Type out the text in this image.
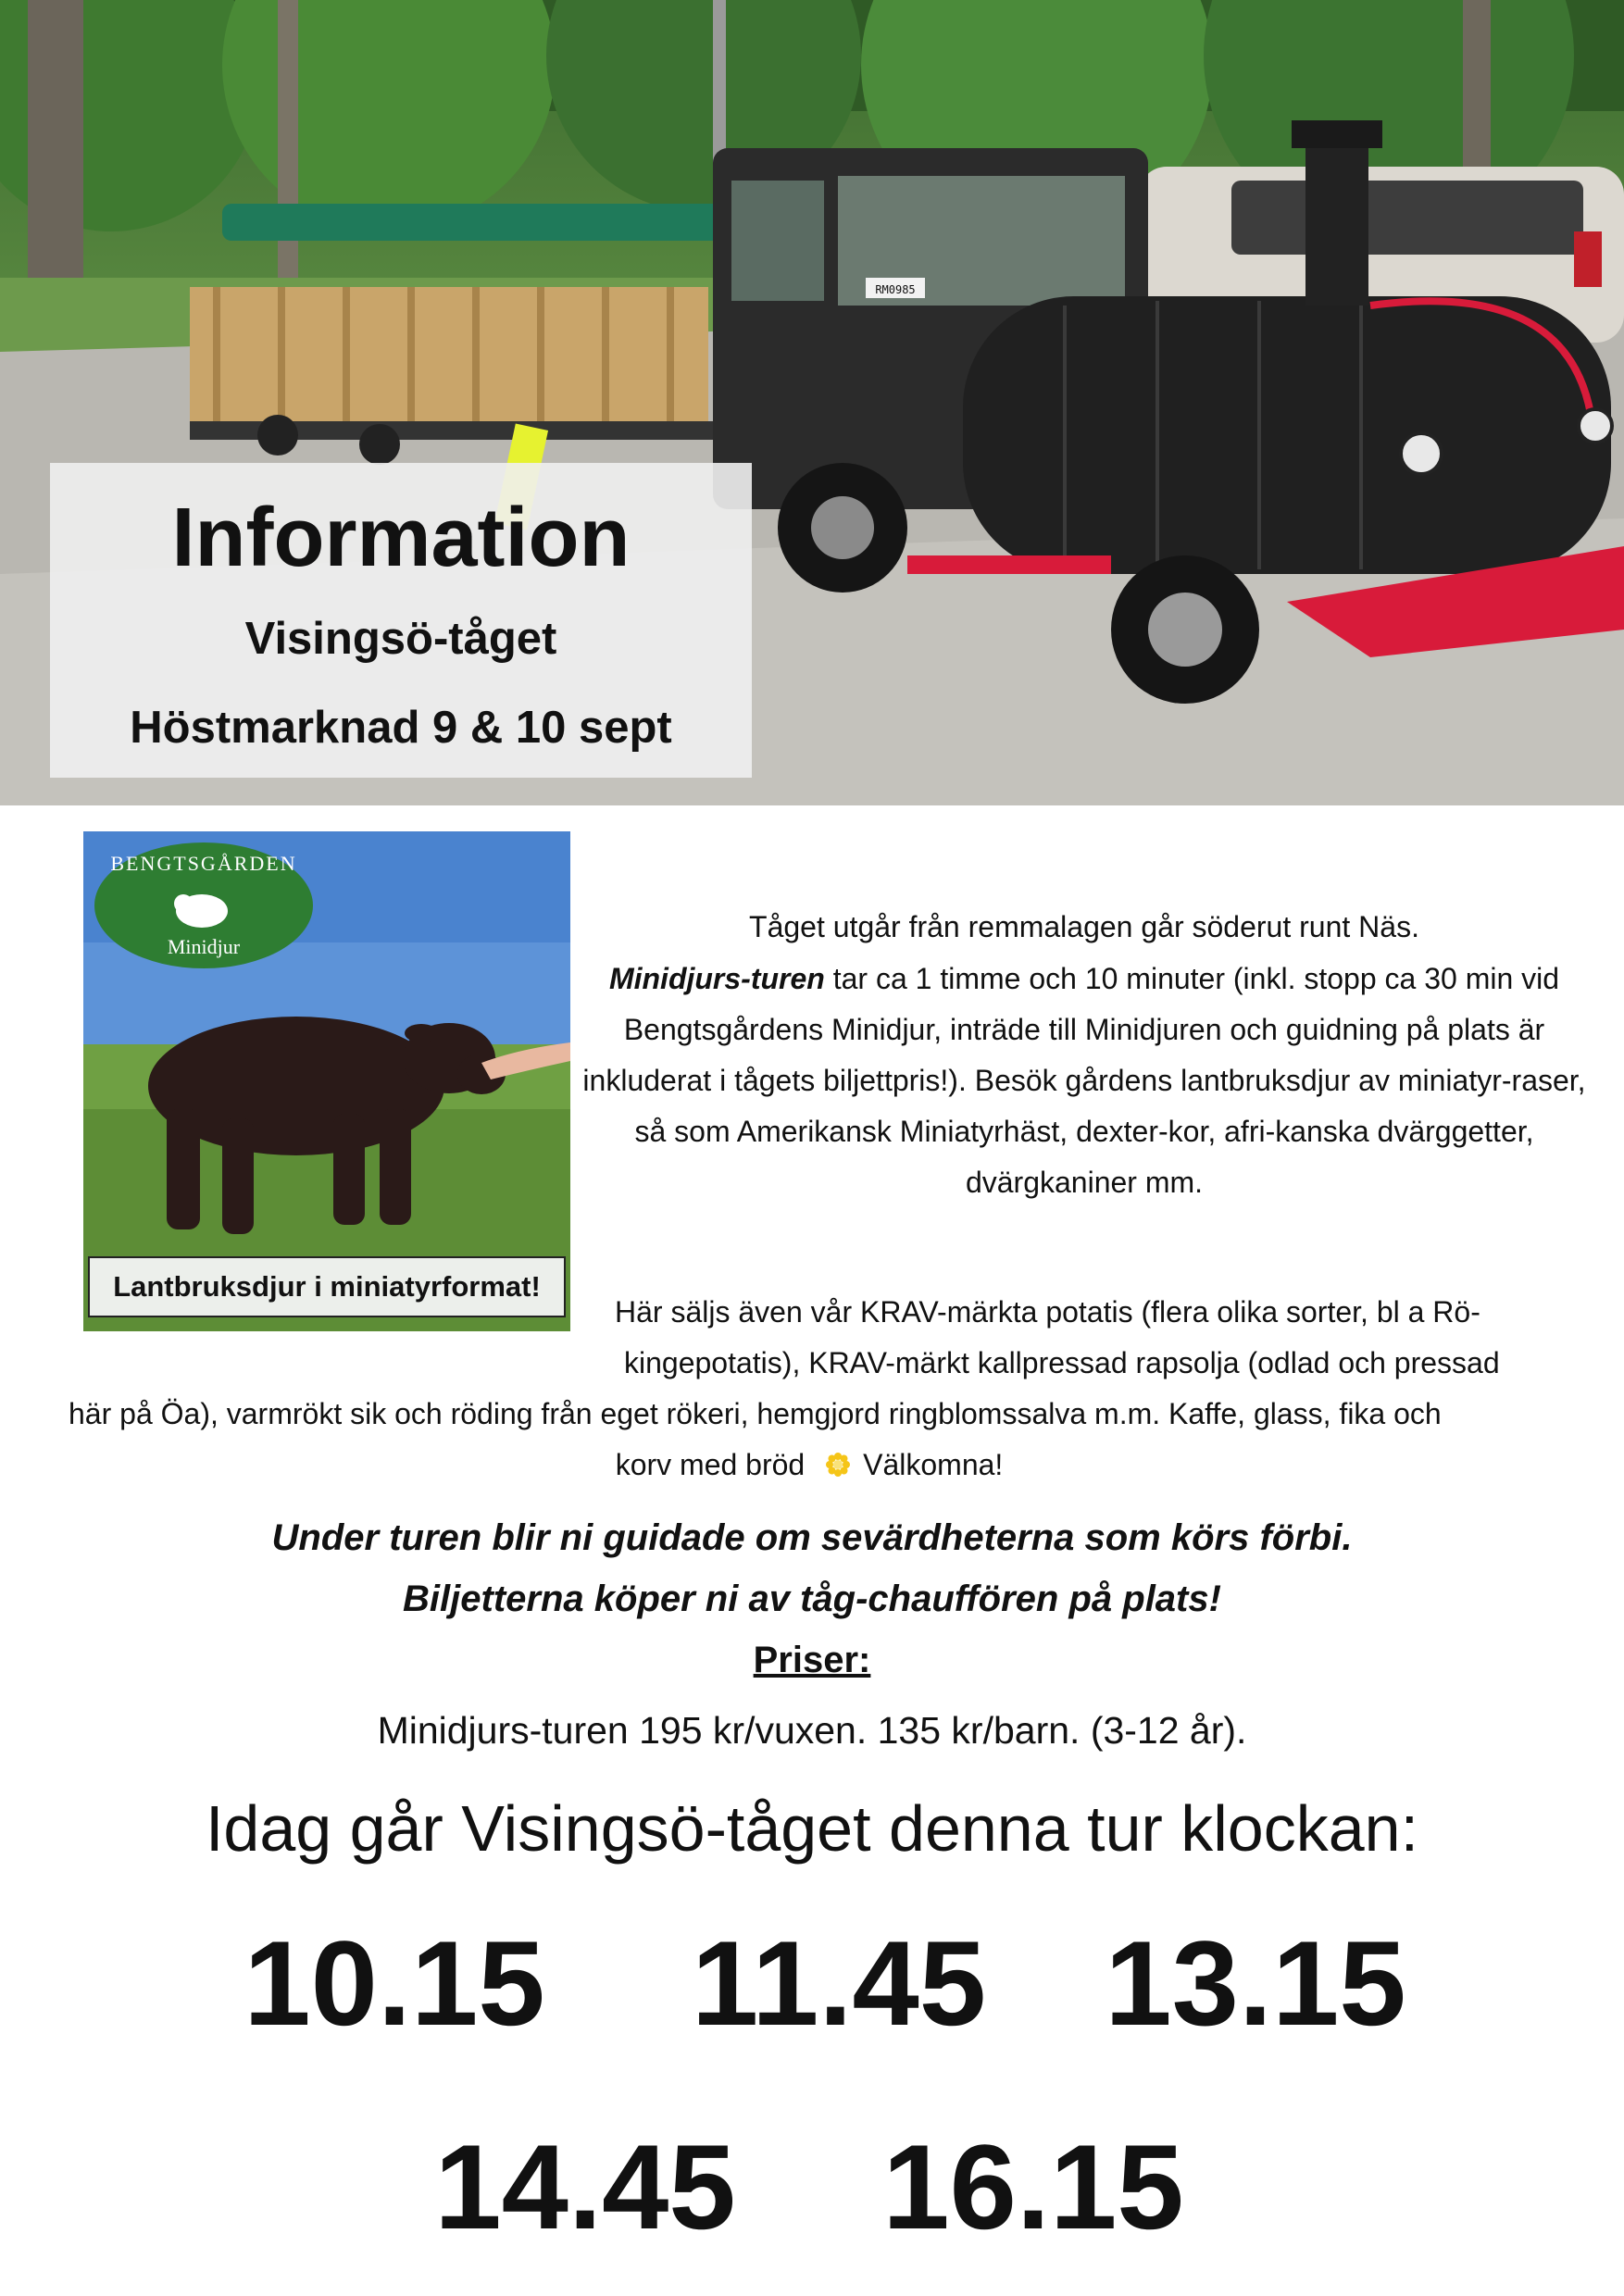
RM0985
Information
Visingsö-tåget
Höstmarknad 9 & 10 sept
BENGTSGÅRDEN
Minidjur
Lantbruksdjur i miniatyrformat!
Tåget utgår från remmalagen går söderut runt Näs.
Minidjurs-turen tar ca 1 timme och 10 minuter (inkl. stopp ca 30 min vid Bengtsgårdens Minidjur, inträde till Minidjuren och guidning på plats är inkluderat i tågets biljettpris!). Besök gårdens lantbruksdjur av miniatyr-raser, så som Amerikansk Miniatyrhäst, dexter-kor, afri-kanska dvärggetter, dvärgkaniner mm.
Här säljs även vår KRAV-märkta potatis (flera olika sorter, bl a Rö-
kingepotatis), KRAV-märkt kallpressad rapsolja (odlad och pressad
här på Öa), varmrökt sik och röding från eget rökeri, hemgjord ringblomssalva m.m. Kaffe, glass, fika och
korv med bröd Välkomna!
Under turen blir ni guidade om sevärdheterna som körs förbi.
Biljetterna köper ni av tåg-chauffören på plats!
Priser:
Minidjurs-turen 195 kr/vuxen. 135 kr/barn. (3-12 år).
Idag går Visingsö-tåget denna tur klockan:
10.15	11.45 13.15
14.45 16.15
